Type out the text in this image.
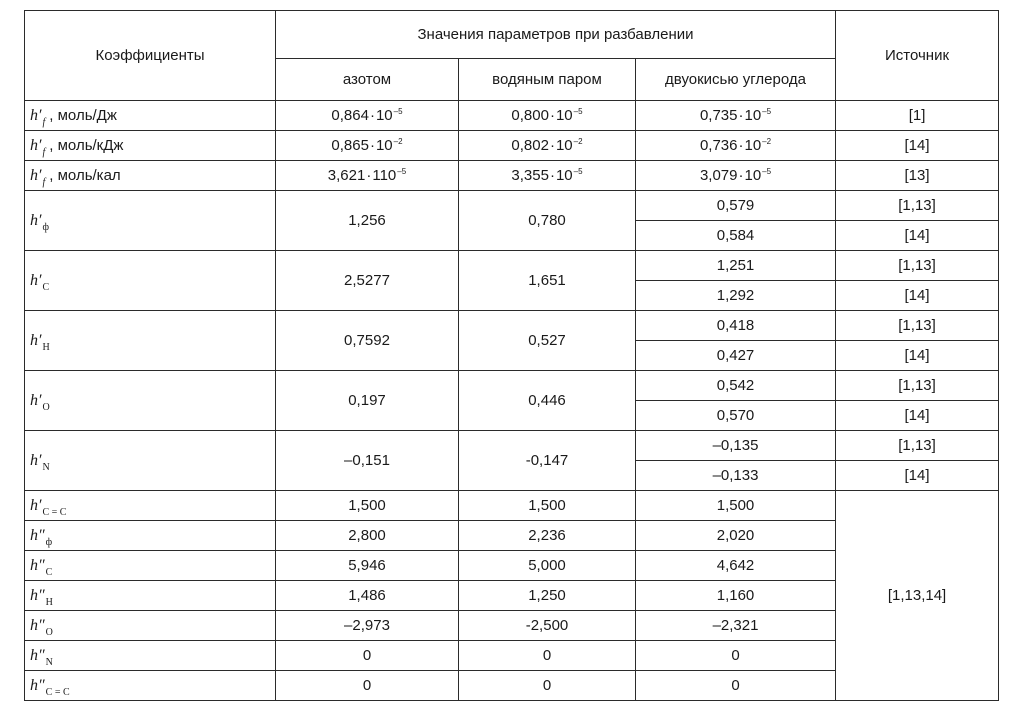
Коэффициенты	Значения параметров при разбавлении			Источник
	азотом	водяным паром	двуокисью углерода	
$h'_f$ , моль/Дж	$0,864\cdot 10^{-5}$	$0,800\cdot 10^{-5}$	$0,735\cdot 10^{-5}$	[1]
$h'_f$ , моль/кДж	$0,865\cdot 10^{-2}$	$0,802\cdot 10^{-2}$	$0,736\cdot 10^{-2}$	[14]
$h'_f$ , моль/кал	$3,621\cdot 110^{-5}$	$3,355\cdot 10^{-5}$	$3,079\cdot 10^{-5}$	[13]
$h'_ф$	1,256	0,780	0,579	[1,13]
			0,584	[14]
$h'_C$	2,5277	1,651	1,251	[1,13]
			1,292	[14]
$h'_H$	0,7592	0,527	0,418	[1,13]
			0,427	[14]
$h'_O$	0,197	0,446	0,542	[1,13]
			0,570	[14]
$h'_N$	–0,151	-0,147	–0,135	[1,13]
			–0,133	[14]
$h'_{C = C}$	1,500	1,500	1,500	[1,13,14]
$h''_ф$	2,800	2,236	2,020	
$h''_C$	5,946	5,000	4,642	
$h''_H$	1,486	1,250	1,160	
$h''_O$	–2,973	-2,500	–2,321	
$h''_N$	0	0	0	
$h''_{C = C}$	0	0	0	
